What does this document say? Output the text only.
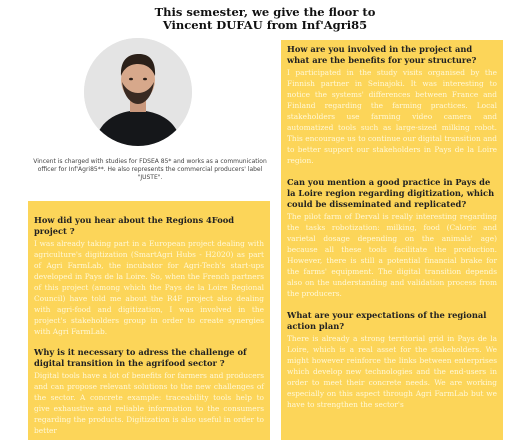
This semester, we give the floor to
Vincent DUFAU from Inf'Agri85
Vincent is charged with studies for FDSEA 85* and works as a communication officer for Inf'Agri85**. He also represents the commercial producers' label "JUSTE".
How did you hear about the Regions 4Food project ?
I was already taking part in a European project dealing with agriculture's digitization (SmartAgri Hubs - H2020) as part of Agri FarmLab, the incubator for Agri-Tech's start-ups developed in Pays de la Loire. So, when the French partners of this project (among which the Pays de la Loire Regional Council) have told me about the R4F project also dealing with agri-food and digitization, I was involved in the project's stakeholders group in order to create synergies with Agri FarmLab.
Why is it necessary to adress the challenge of digital transition in the agrifood sector ?
Digital tools have a lot of benefits for farmers and producers and can propose relevant solutions to the new challenges of the sector. A concrete example: traceability tools help to give exhaustive and reliable information to the consumers regarding the products. Digitization is also useful in order to better
How are you involved in the project and what are the benefits for your structure?
I participated in the study visits organised by the Finnish partner in Seinajoki. It was interesting to notice the systems' differences between France and Finland regarding the farming practices. Local stakeholders use farming video camera and automatized tools such as large-sized milking robot. This encourage us to continue our digital transition and to better support our stakeholders in Pays de la Loire region.
Can you mention a good practice in Pays de la Loire region regarding digitization, which could be disseminated and replicated?
The pilot farm of Derval is really interesting regarding the tasks robotization: milking, food (Caloric and varietal dosage depending on the animals' age) because all these tools facilitate the production. However, there is still a potential financial brake for the farms' equipment. The digital transition depends also on the understanding and validation process from the producers.
What are your expectations of the regional action plan?
There is already a strong territorial grid in Pays de la Loire, which is a real asset for the stakeholders. We might however reinforce the links between enterprises which develop new technologies and the end-users in order to meet their concrete needs. We are working especially on this aspect through Agri FarmLab but we have to strengthen the sector's
